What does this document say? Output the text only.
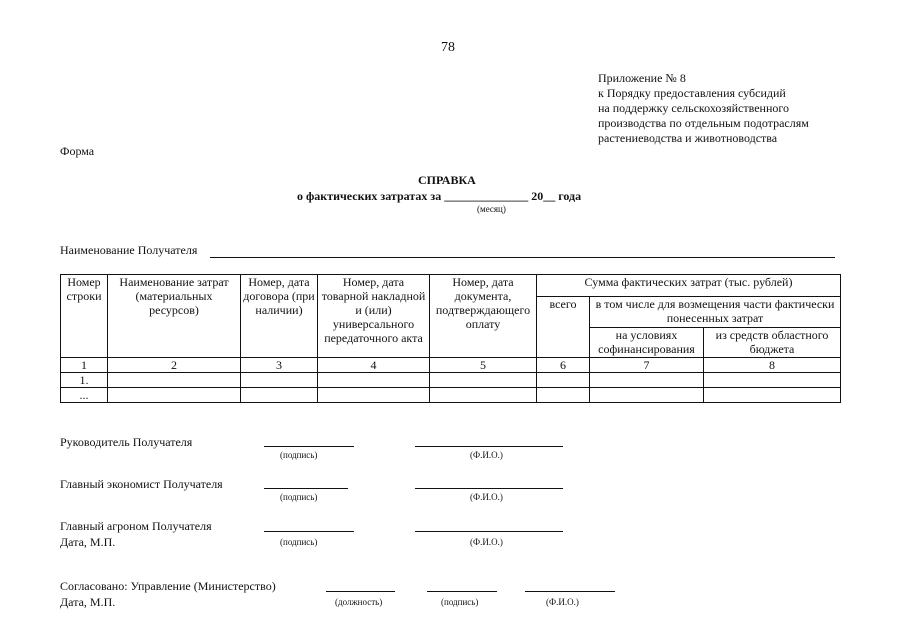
78
Приложение № 8
к Порядку предоставления субсидий
на поддержку сельскохозяйственного
производства по отдельным подотраслям
растениеводства и животноводства
Форма
СПРАВКА
о фактических затратах за ______________ 20__ года
(месяц)
Наименование Получателя
Номер строки	Наименование затрат (материальных ресурсов)	Номер, дата договора (при наличии)	Номер, дата товарной накладной и (или) универсального передаточного акта	Номер, дата документа, подтверждающего оплату	Сумма фактических затрат (тыс. рублей)		
					всего	в том числе для возмещения части фактически понесенных затрат	
						на условиях софинансирования	из средств областного бюджета
1	2	3	4	5	6	7	8
1.							
...							
Руководитель Получателя
(подпись)	(Ф.И.О.)
Главный экономист Получателя
(подпись)	(Ф.И.О.)
Главный агроном Получателя
Дата, М.П.	(подпись)	(Ф.И.О.)
Согласовано: Управление (Министерство)
Дата, М.П.	(должность)	(подпись)	(Ф.И.О.)
